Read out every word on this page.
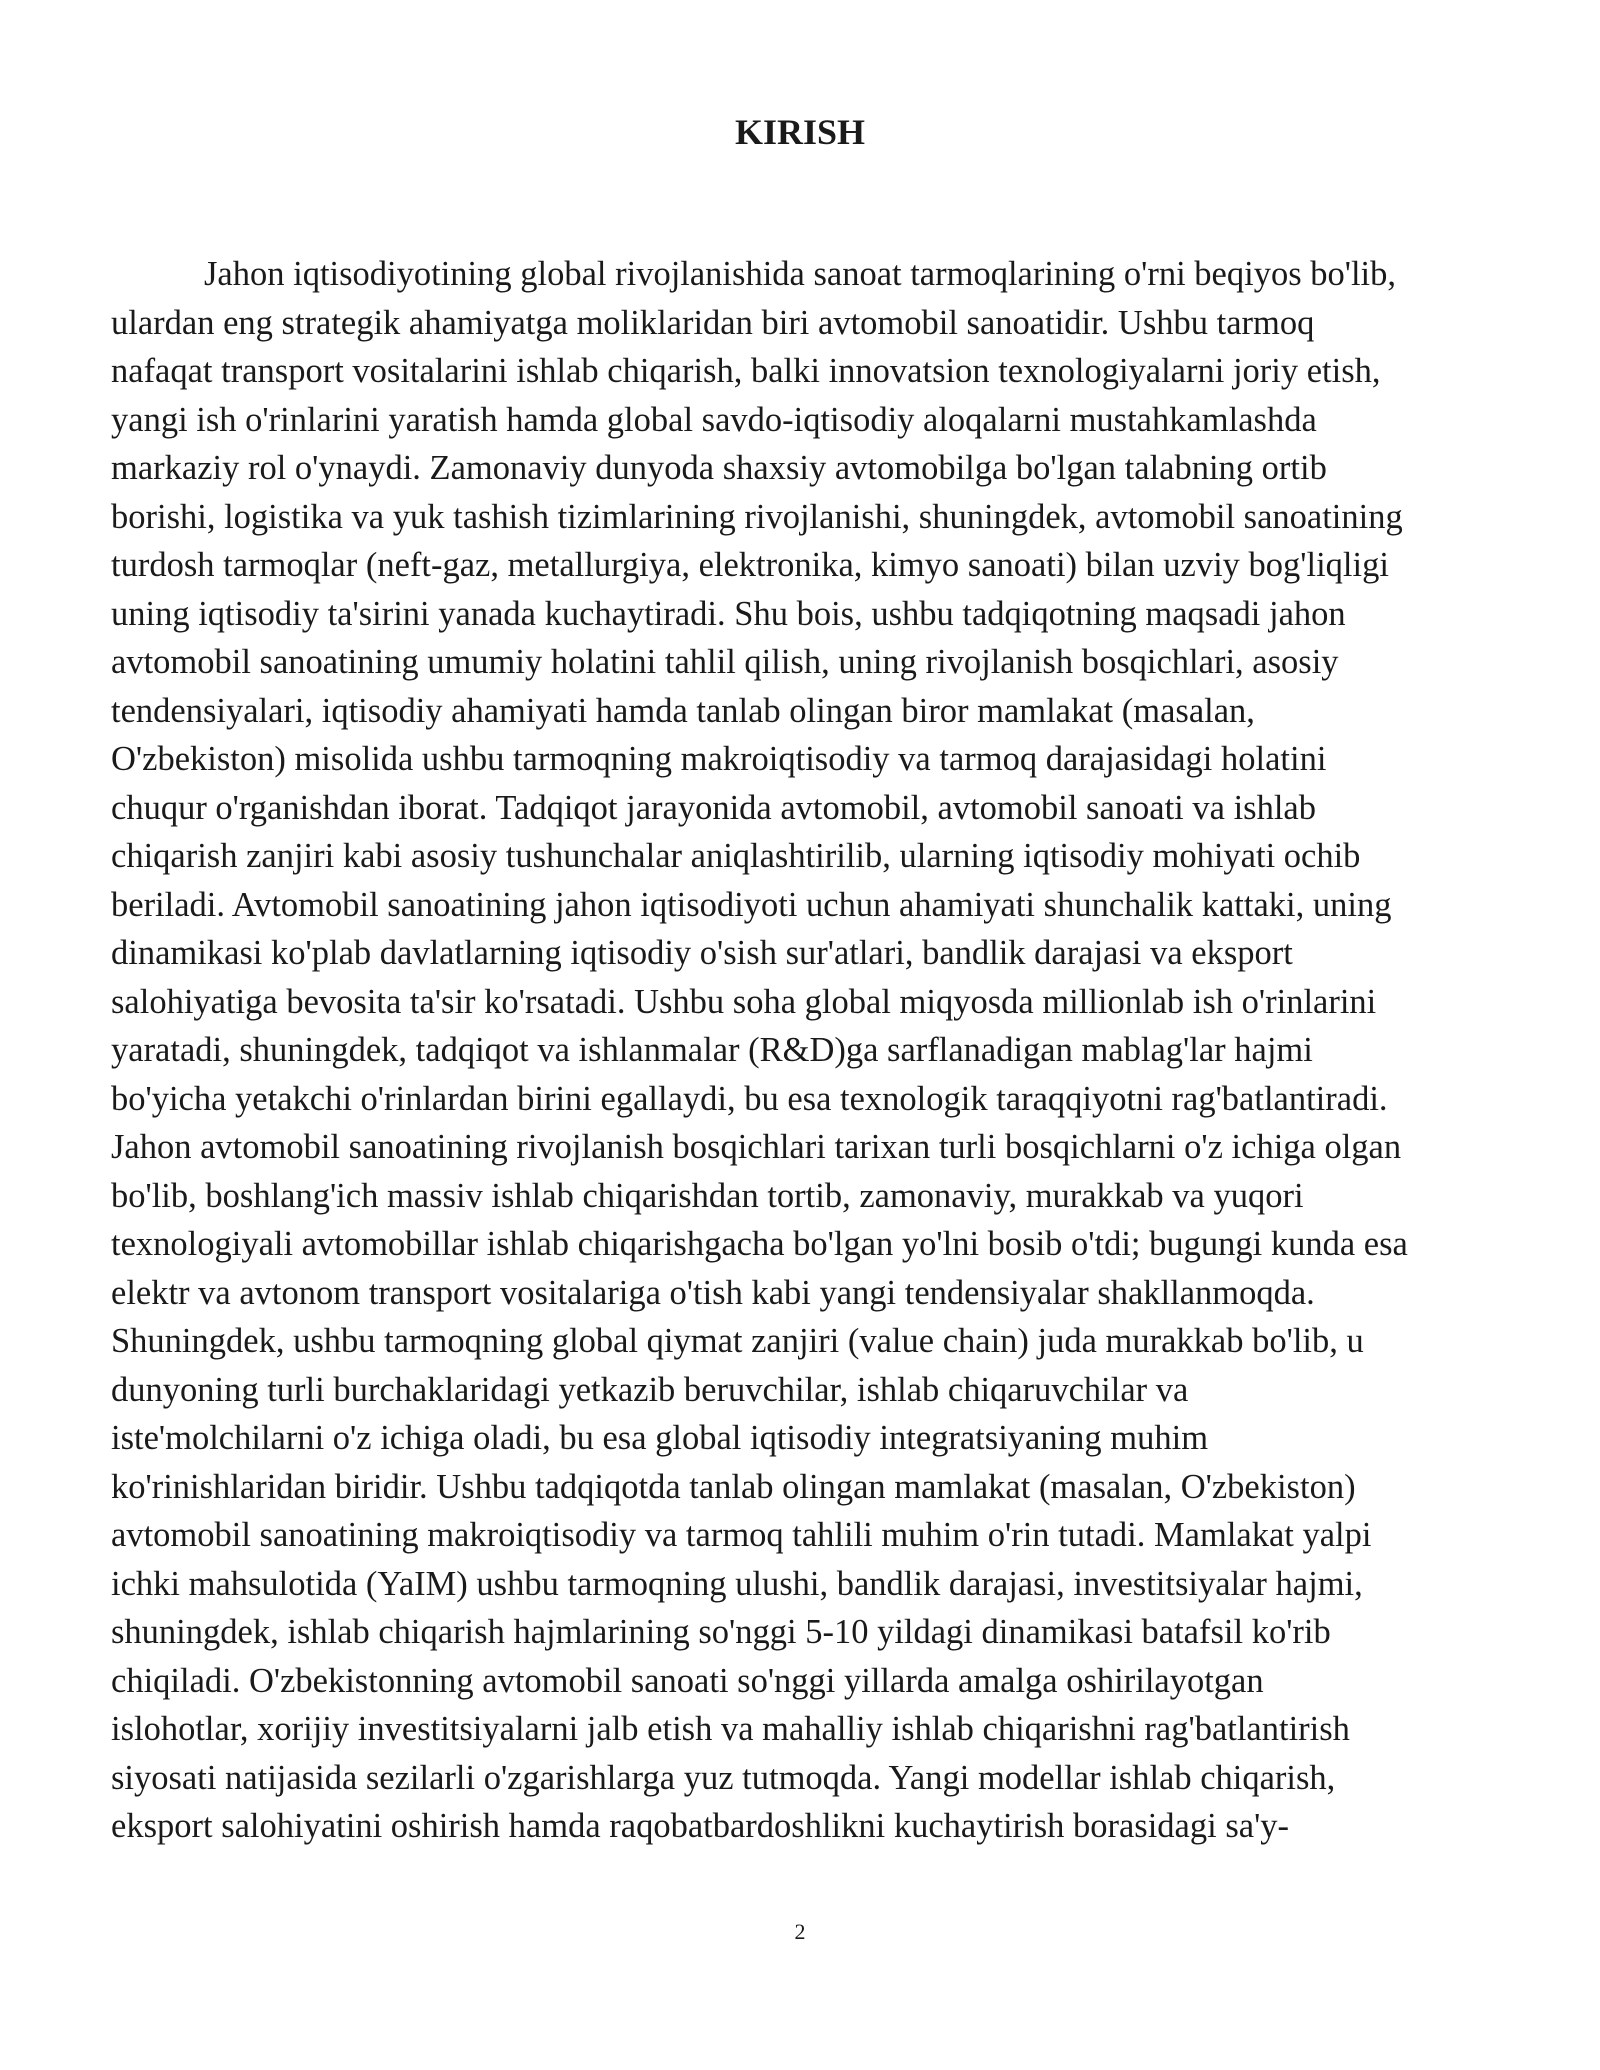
KIRISH
Jahon iqtisodiyotining global rivojlanishida sanoat tarmoqlarining o'rni beqiyos bo'lib,
ulardan eng strategik ahamiyatga moliklaridan biri avtomobil sanoatidir. Ushbu tarmoq
nafaqat transport vositalarini ishlab chiqarish, balki innovatsion texnologiyalarni joriy etish,
yangi ish o'rinlarini yaratish hamda global savdo-iqtisodiy aloqalarni mustahkamlashda
markaziy rol o'ynaydi. Zamonaviy dunyoda shaxsiy avtomobilga bo'lgan talabning ortib
borishi, logistika va yuk tashish tizimlarining rivojlanishi, shuningdek, avtomobil sanoatining
turdosh tarmoqlar (neft-gaz, metallurgiya, elektronika, kimyo sanoati) bilan uzviy bog'liqligi
uning iqtisodiy ta'sirini yanada kuchaytiradi. Shu bois, ushbu tadqiqotning maqsadi jahon
avtomobil sanoatining umumiy holatini tahlil qilish, uning rivojlanish bosqichlari, asosiy
tendensiyalari, iqtisodiy ahamiyati hamda tanlab olingan biror mamlakat (masalan,
O'zbekiston) misolida ushbu tarmoqning makroiqtisodiy va tarmoq darajasidagi holatini
chuqur o'rganishdan iborat. Tadqiqot jarayonida avtomobil, avtomobil sanoati va ishlab
chiqarish zanjiri kabi asosiy tushunchalar aniqlashtirilib, ularning iqtisodiy mohiyati ochib
beriladi. Avtomobil sanoatining jahon iqtisodiyoti uchun ahamiyati shunchalik kattaki, uning
dinamikasi ko'plab davlatlarning iqtisodiy o'sish sur'atlari, bandlik darajasi va eksport
salohiyatiga bevosita ta'sir ko'rsatadi. Ushbu soha global miqyosda millionlab ish o'rinlarini
yaratadi, shuningdek, tadqiqot va ishlanmalar (R&D)ga sarflanadigan mablag'lar hajmi
bo'yicha yetakchi o'rinlardan birini egallaydi, bu esa texnologik taraqqiyotni rag'batlantiradi.
Jahon avtomobil sanoatining rivojlanish bosqichlari tarixan turli bosqichlarni o'z ichiga olgan
bo'lib, boshlang'ich massiv ishlab chiqarishdan tortib, zamonaviy, murakkab va yuqori
texnologiyali avtomobillar ishlab chiqarishgacha bo'lgan yo'lni bosib o'tdi; bugungi kunda esa
elektr va avtonom transport vositalariga o'tish kabi yangi tendensiyalar shakllanmoqda.
Shuningdek, ushbu tarmoqning global qiymat zanjiri (value chain) juda murakkab bo'lib, u
dunyoning turli burchaklaridagi yetkazib beruvchilar, ishlab chiqaruvchilar va
iste'molchilarni o'z ichiga oladi, bu esa global iqtisodiy integratsiyaning muhim
ko'rinishlaridan biridir. Ushbu tadqiqotda tanlab olingan mamlakat (masalan, O'zbekiston)
avtomobil sanoatining makroiqtisodiy va tarmoq tahlili muhim o'rin tutadi. Mamlakat yalpi
ichki mahsulotida (YaIM) ushbu tarmoqning ulushi, bandlik darajasi, investitsiyalar hajmi,
shuningdek, ishlab chiqarish hajmlarining so'nggi 5-10 yildagi dinamikasi batafsil ko'rib
chiqiladi. O'zbekistonning avtomobil sanoati so'nggi yillarda amalga oshirilayotgan
islohotlar, xorijiy investitsiyalarni jalb etish va mahalliy ishlab chiqarishni rag'batlantirish
siyosati natijasida sezilarli o'zgarishlarga yuz tutmoqda. Yangi modellar ishlab chiqarish,
eksport salohiyatini oshirish hamda raqobatbardoshlikni kuchaytirish borasidagi sa'y-
2
